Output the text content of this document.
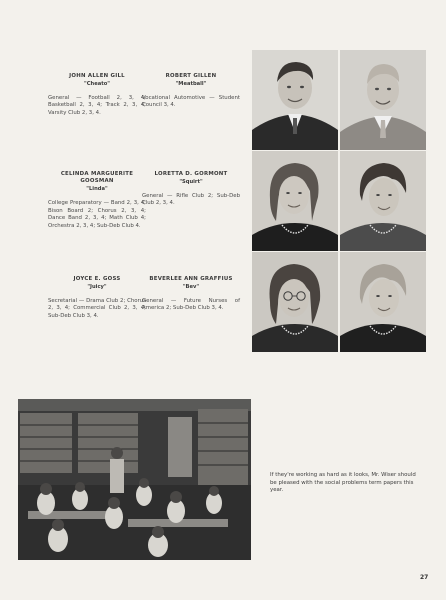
JOHN ALLEN GILL
"Cheato"
General — Football 2, 3, 4; Basketball 2, 3, 4; Track 2, 3, 4; Varsity Club 2, 3, 4.
ROBERT GILLEN
"Meatball"
Vocational Automotive — Student Council 3, 4.
CELINDA MARGUERITE GOOSMAN
"Linda"
College Preparatory — Band 2, 3, 4; Bison Board 2; Chorus 2, 3, 4; Dance Band 2, 3, 4; Math Club 4; Orchestra 2, 3, 4; Sub-Deb Club 4.
LORETTA D. GORMONT
"Squirt"
General — Rifle Club 2; Sub-Deb Club 2, 3, 4.
JOYCE E. GOSS
"Juicy"
Secretarial — Drama Club 2; Chorus 2, 3, 4; Commercial Club 2, 3, 4; Sub-Deb Club 3, 4.
BEVERLEE ANN GRAFFIUS
"Bev"
General — Future Nurses of America 2; Sub-Deb Club 3, 4.
If they're working as hard as it looks, Mr. Wiser should be pleased with the social problems term papers this year.
27
